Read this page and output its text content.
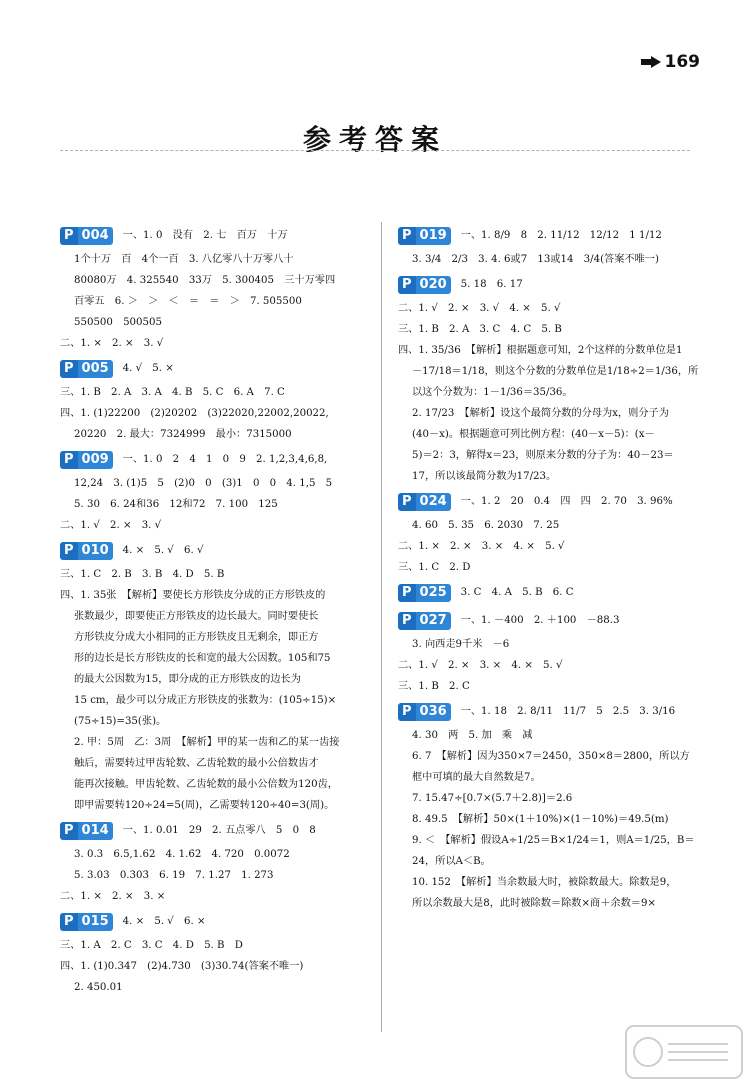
169
参考答案
P 004	一、1. 0　没有　2. 七　百万　十万
1个十万　百　4个一百　3. 八亿零八十万零八十
80080万　4. 325540　33万　5. 300405　三十万零四
百零五　6. ＞　＞　＜　＝　＝　＞　7. 505500
550500　500505
二、1. ×　2. ×　3. √
P 005	4. √　5. ×
三、1. B　2. A　3. A　4. B　5. C　6. A　7. C
四、1. (1)22200　(2)20202　(3)22020,22002,20022,
20220　2. 最大：7324999　最小：7315000
P 009	一、1. 0　2　4　1　0　9　2. 1,2,3,4,6,8,
12,24　3. (1)5　5　(2)0　0　(3)1　0　0　4. 1,5　5
5. 30　6. 24和36　12和72　7. 100　125
二、1. √　2. ×　3. √
P 010	4. ×　5. √　6. √
三、1. C　2. B　3. B　4. D　5. B
四、1. 35张　【解析】要使长方形铁皮分成的正方形铁皮的
张数最少，即要使正方形铁皮的边长最大。同时要使长
方形铁皮分成大小相同的正方形铁皮且无剩余，即正方
形的边长是长方形铁皮的长和宽的最大公因数。105和75
的最大公因数为15，即分成的正方形铁皮的边长为
15 cm，最少可以分成正方形铁皮的张数为：(105÷15)×
(75÷15)=35(张)。
2. 甲：5周　乙：3周　【解析】甲的某一齿和乙的某一齿接
触后，需要转过甲齿轮数、乙齿轮数的最小公倍数齿才
能再次接触。甲齿轮数、乙齿轮数的最小公倍数为120齿，
即甲需要转120÷24=5(周)，乙需要转120÷40=3(周)。
P 014	一、1. 0.01　29　2. 五点零八　5　0　8
3. 0.3　6.5,1.62　4. 1.6̇2̇　4. 720　0.0072
5. 3.03　0.3̇03̇　6. 19　7. 1.2̇7̇　1. 273
二、1. ×　2. ×　3. ×
P 015	4. ×　5. √　6. ×
三、1. A　2. C　3. C　4. D　5. B　D
四、1. (1)0.347　(2)4.730　(3)30.74(答案不唯一)
2. 450.01
P 019	一、1. 8/9　8　2. 11/12　12/12　1 1/12
3. 3/4　2/3　3. 4. 6或7　13或14　3/4(答案不唯一)
P 020	5. 18　6. 17
二、1. √　2. ×　3. √　4. ×　5. √
三、1. B　2. A　3. C　4. C　5. B
四、1. 35/36　【解析】根据题意可知，2个这样的分数单位是1
－17/18＝1/18，则这个分数的分数单位是1/18÷2＝1/36，所
以这个分数为：1－1/36＝35/36。
2. 17/23　【解析】设这个最简分数的分母为x，则分子为
(40－x)。根据题意可列比例方程：(40－x－5)：(x－
5)＝2：3，解得x＝23，则原来分数的分子为：40－23＝
17，所以该最简分数为17/23。
P 024	一、1. 2　20　0.4　四　四　2. 70　3. 96%
4. 60　5. 35　6. 2030　7. 25
二、1. ×　2. ×　3. ×　4. ×　5. √
三、1. C　2. D
P 025	3. C　4. A　5. B　6. C
P 027	一、1. －400　2. ＋100　－88.3
3. 向西走9千米　－6
二、1. √　2. ×　3. ×　4. ×　5. √
三、1. B　2. C
P 036	一、1. 18　2. 8/11　11/7　5　2.5　3. 3/16
4. 30　两　5. 加　乘　减
6. 7　【解析】因为350×7＝2450，350×8＝2800，所以方
框中可填的最大自然数是7。
7. 15.47÷[0.7×(5.7＋2.8)]＝2.6
8. 49.5　【解析】50×(1＋10%)×(1－10%)＝49.5(m)
9. ＜　【解析】假设A÷1/25＝B×1/24＝1，则A＝1/25，B＝
24，所以A＜B。
10. 152　【解析】当余数最大时，被除数最大。除数是9，
所以余数最大是8，此时被除数＝除数×商＋余数＝9×
